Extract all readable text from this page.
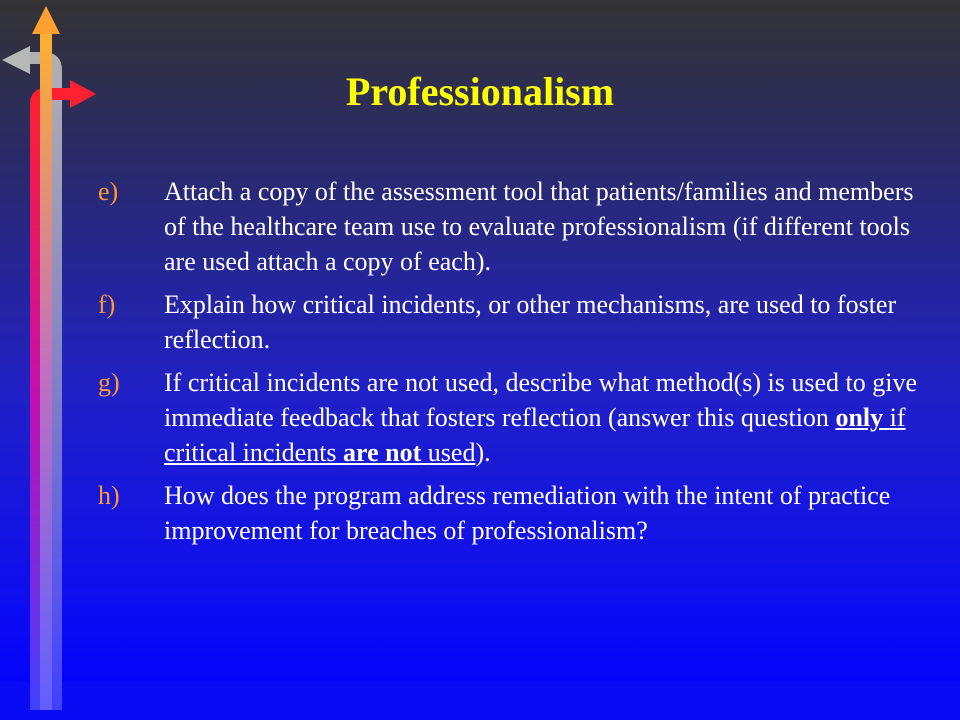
Professionalism
e) Attach a copy of the assessment tool that patients/families and members of the healthcare team use to evaluate professionalism (if different tools are used attach a copy of each).
f) Explain how critical incidents, or other mechanisms, are used to foster reflection.
g) If critical incidents are not used, describe what method(s) is used to give immediate feedback that fosters reflection (answer this question only if critical incidents are not used).
h) How does the program address remediation with the intent of practice improvement for breaches of professionalism?
